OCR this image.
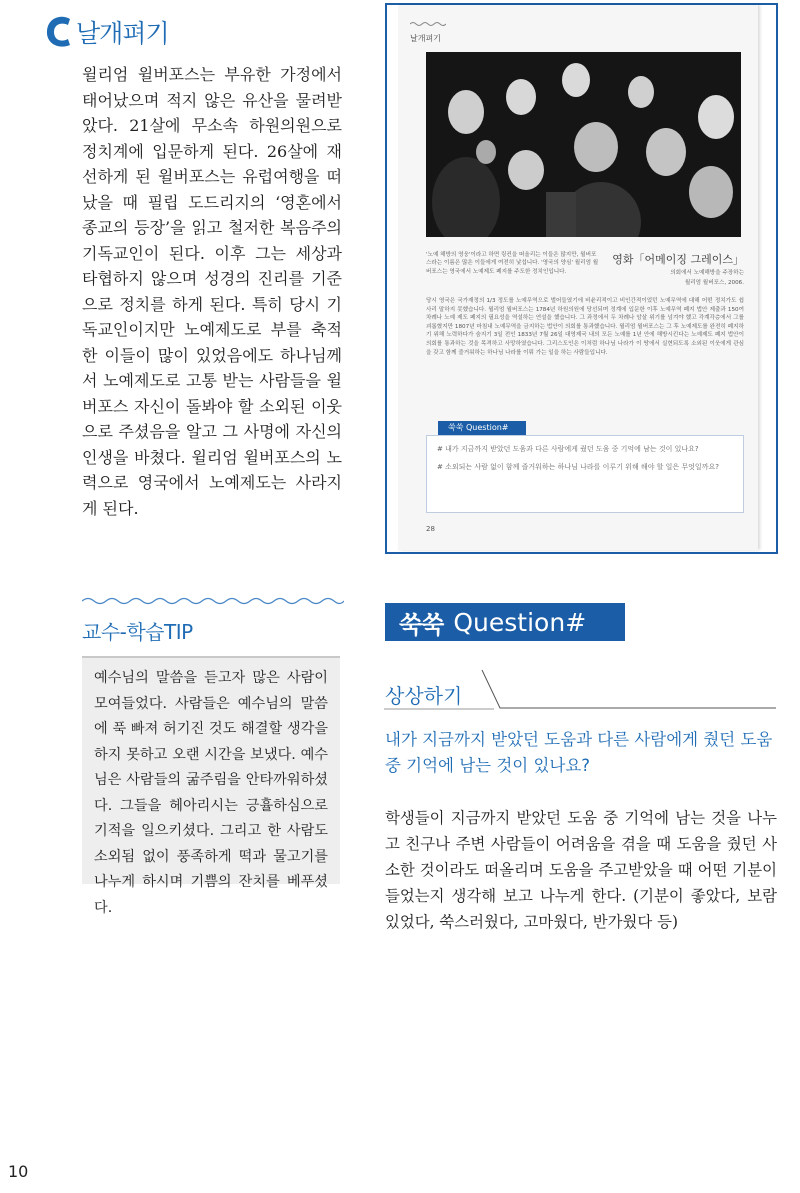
날개펴기
윌리엄 윌버포스는 부유한 가정에서 태어났으며 적지 않은 유산을 물려받았다. 21살에 무소속 하원의원으로 정치계에 입문하게 된다. 26살에 재선하게 된 윌버포스는 유럽여행을 떠났을 때 필립 도드리지의 ‘영혼에서 종교의 등장’을 읽고 철저한 복음주의 기독교인이 된다. 이후 그는 세상과 타협하지 않으며 성경의 진리를 기준으로 정치를 하게 된다. 특히 당시 기독교인이지만 노예제도로 부를 축적한 이들이 많이 있었음에도 하나님께서 노예제도로 고통 받는 사람들을 윌버포스 자신이 돌봐야 할 소외된 이웃으로 주셨음을 알고 그 사명에 자신의 인생을 바쳤다. 윌리엄 윌버포스의 노력으로 영국에서 노예제도는 사라지게 된다.
날개펴기
'노예 해방의 영웅'이라고 하면 링컨을 떠올리는 이들은 많지만, 윌버포스라는 이름은 많은 이들에게 여전히 낯섭니다. '영국의 양심' 윌리엄 윌버포스는 영국에서 노예제도 폐지를 주도한 정치인입니다.
영화「어메이징 그레이스」
의회에서 노예해방을 주장하는
윌리엄 윌버포스, 2006.
당시 영국은 국가재정의 1/3 정도를 노예무역으로 벌어들였기에 비윤리적이고 비인간적이었던 노예무역에 대해 어떤 정치가도 쉽사리 말하지 못했습니다. 윌리엄 윌버포스는 1784년 하원의원에 당선되며 정계에 입문한 이후 노예무역 폐지 법안 제출과 150여 차례나 노예 제도 폐지의 필요성을 역설하는 연설을 했습니다. 그 과정에서 두 차례나 암살 위기를 넘겨야 했고 각계각층에서 그를 괴롭혔지만 1807년 마침내 노예무역을 금지하는 법안이 의회를 통과했습니다. 윌리엄 윌버포스는 그 후 노예제도를 완전히 폐지하기 위해 노력하다가 숨지기 3일 전인 1833년 7월 26일 대영제국 내의 모든 노예를 1년 안에 해방시킨다는 노예제도 폐지 법안이 의회를 통과하는 것을 목격하고 사망하였습니다. 그리스도인은 이처럼 하나님 나라가 이 땅에서 실현되도록 소외된 이웃에게 관심을 갖고 함께 즐거워하는 하나님 나라를 이뤄 가는 일을 하는 사람들입니다.
쑥쑥 Question#

# 내가 지금까지 받았던 도움과 다른 사람에게 줬던 도움 중 기억에 남는 것이 있나요?

# 소외되는 사람 없이 함께 즐거워하는 하나님 나라를 이루기 위해 해야 할 일은 무엇일까요?

28
교수-학습TIP
예수님의 말씀을 듣고자 많은 사람이 모여들었다. 사람들은 예수님의 말씀에 푹 빠져 허기진 것도 해결할 생각을 하지 못하고 오랜 시간을 보냈다. 예수님은 사람들의 굶주림을 안타까워하셨다. 그들을 헤아리시는 긍휼하심으로 기적을 일으키셨다. 그리고 한 사람도 소외됨 없이 풍족하게 떡과 물고기를 나누게 하시며 기쁨의 잔치를 베푸셨다.
쑥쑥 Question#
상상하기
내가 지금까지 받았던 도움과 다른 사람에게 줬던 도움 중 기억에 남는 것이 있나요?
학생들이 지금까지 받았던 도움 중 기억에 남는 것을 나누고 친구나 주변 사람들이 어려움을 겪을 때 도움을 줬던 사소한 것이라도 떠올리며 도움을 주고받았을 때 어떤 기분이 들었는지 생각해 보고 나누게 한다. (기분이 좋았다, 보람 있었다, 쑥스러웠다, 고마웠다, 반가웠다 등)
10
